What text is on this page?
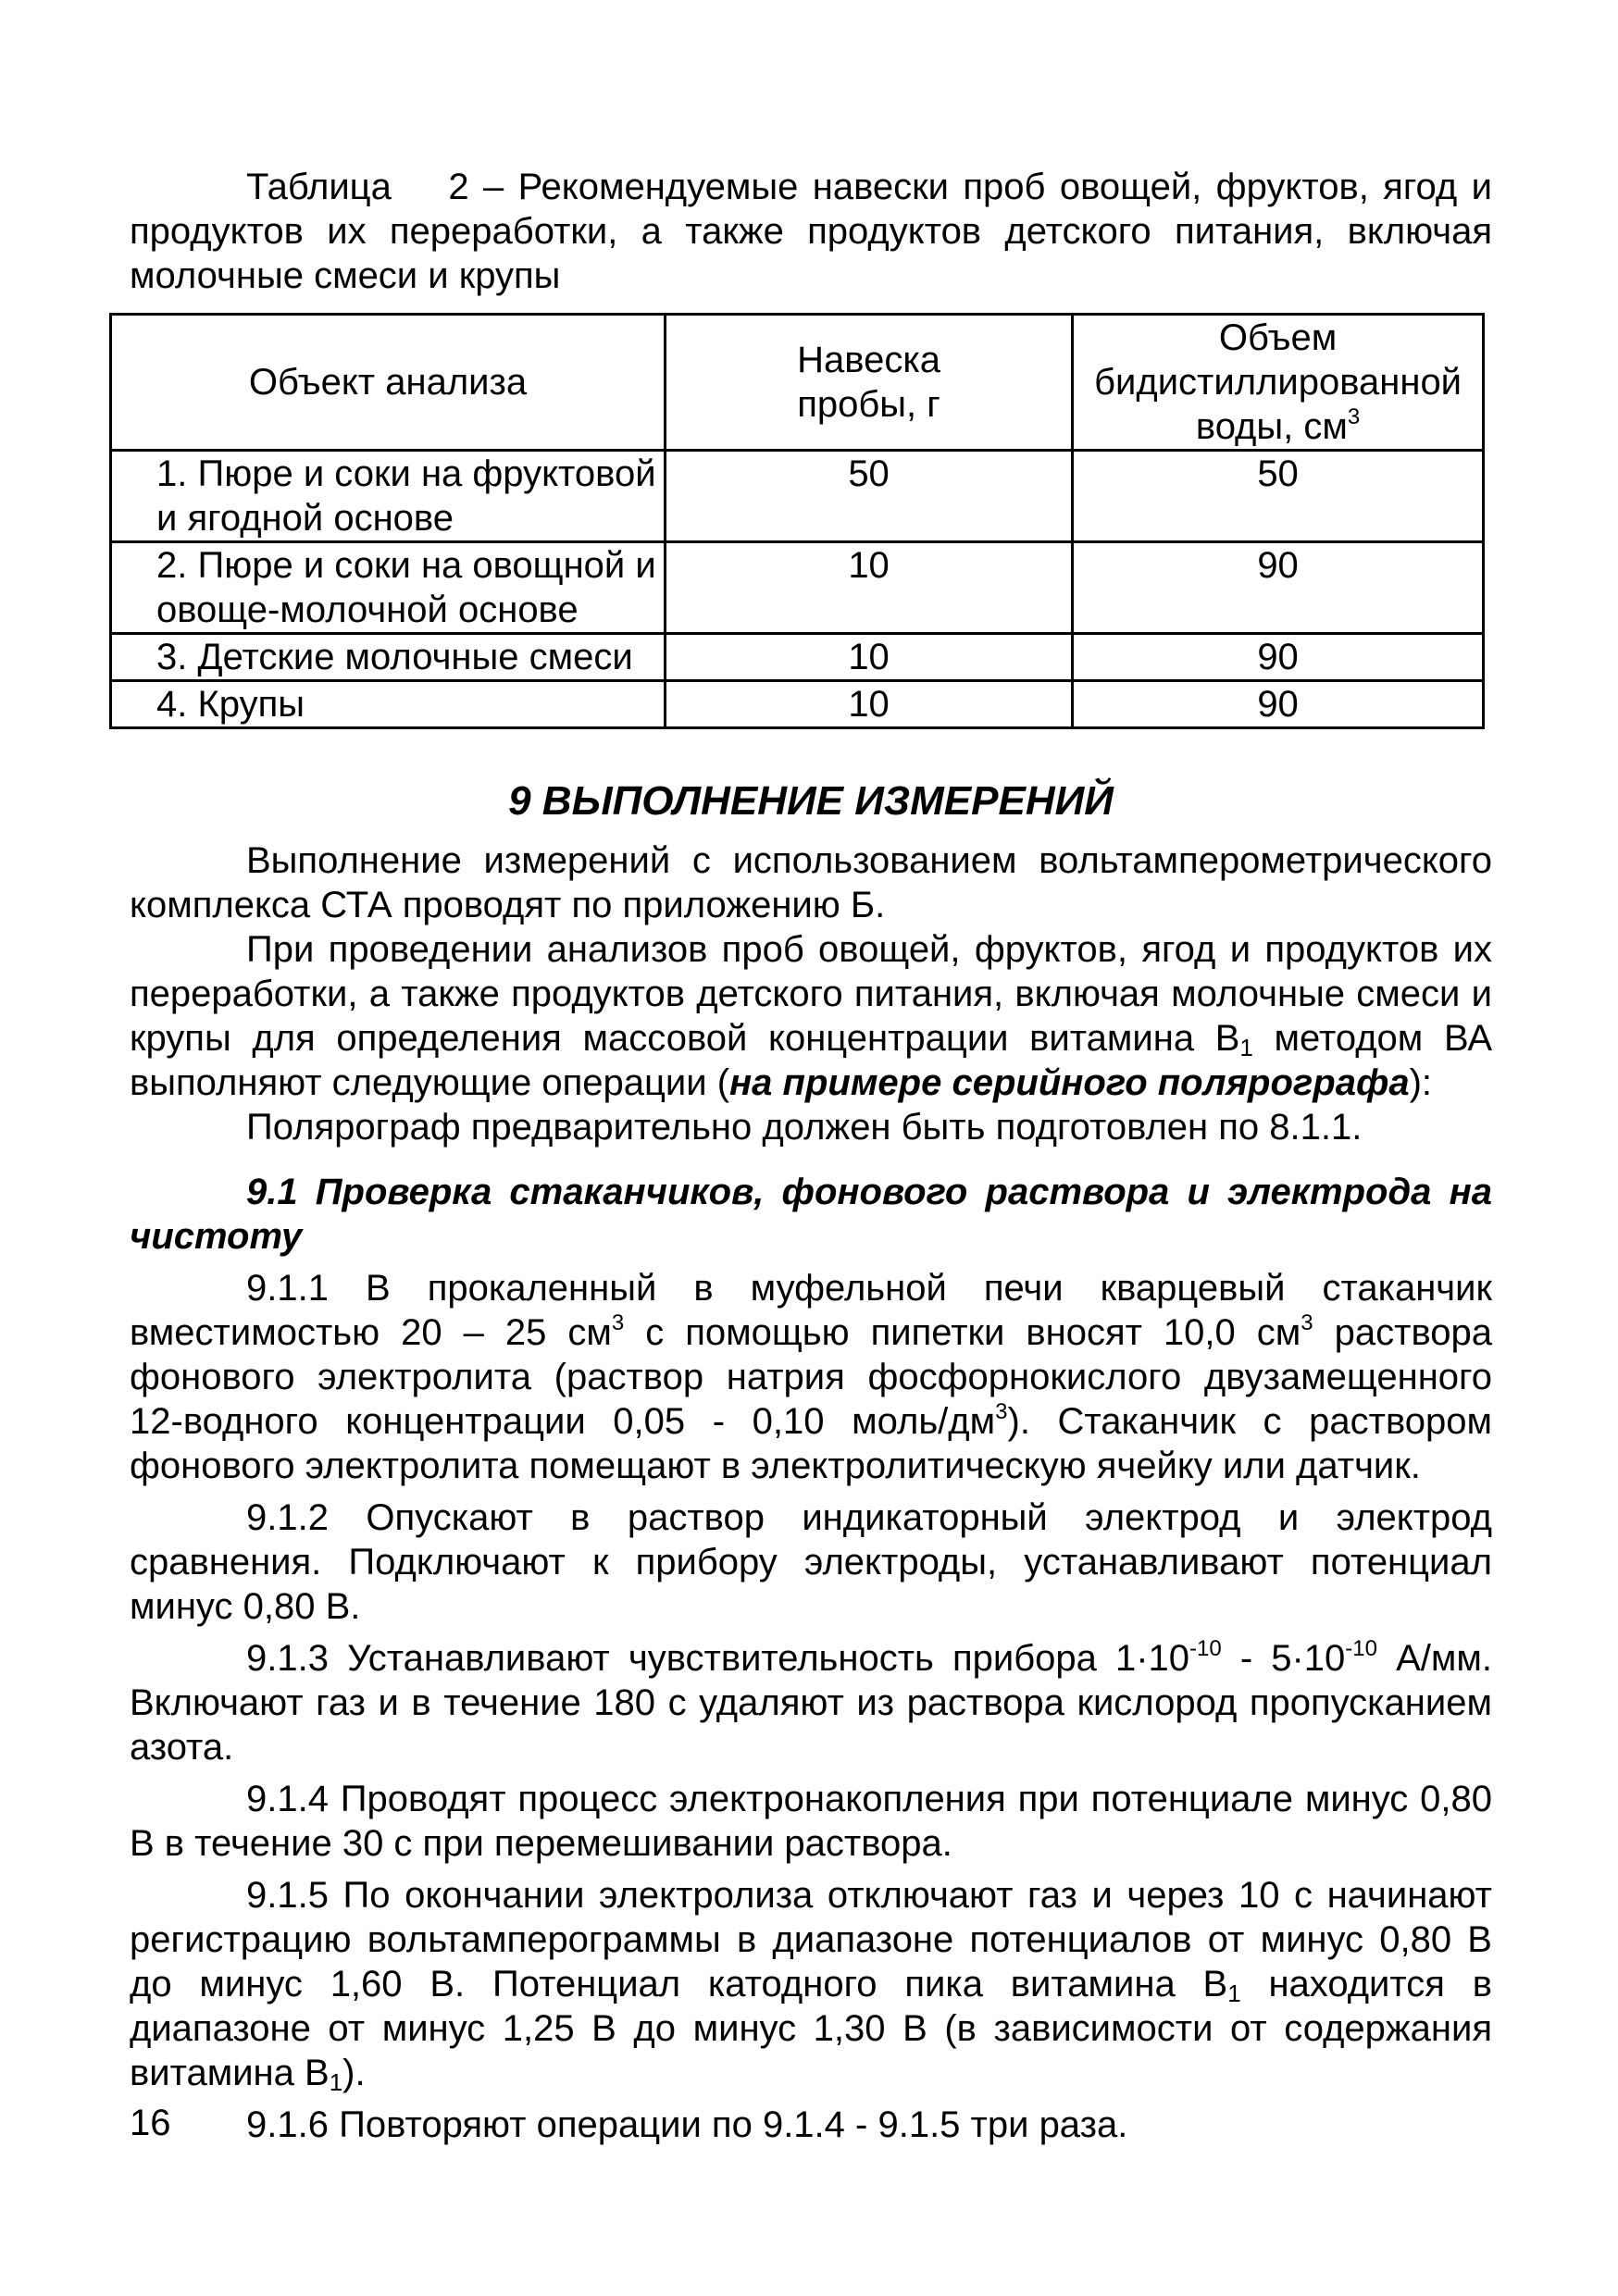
Таблица 2 – Рекомендуемые навески проб овощей, фруктов, ягод и продуктов их переработки, а также продуктов детского питания, включая молочные смеси и крупы

Объект анализа	Навеска пробы, г	Объем бидистиллированной воды, $см^3$
1. Пюре и соки на фруктовой и ягодной основе	50	50
2. Пюре и соки на овощной и овоще-молочной основе	10	90
3. Детские молочные смеси	10	90
4. Крупы	10	90
9 ВЫПОЛНЕНИЕ ИЗМЕРЕНИЙ

Выполнение измерений с использованием вольтамперометрического комплекса СТА проводят по приложению Б.

При проведении анализов проб овощей, фруктов, ягод и продуктов их переработки, а также продуктов детского питания, включая молочные смеси и крупы для определения массовой концентрации витамина $В_1$ методом ВА выполняют следующие операции (на примере серийного полярографа):

Полярограф предварительно должен быть подготовлен по 8.1.1.

9.1 Проверка стаканчиков, фонового раствора и электрода на чистоту

9.1.1 В прокаленный в муфельной печи кварцевый стаканчик вместимостью 20 – 25 $см^3$ с помощью пипетки вносят 10,0 $см^3$ раствора фонового электролита (раствор натрия фосфорнокислого двузамещенного 12-водного концентрации 0,05 - 0,10 моль/$дм^3$). Стаканчик с раствором фонового электролита помещают в электролитическую ячейку или датчик.

9.1.2 Опускают в раствор индикаторный электрод и электрод сравнения. Подключают к прибору электроды, устанавливают потенциал минус 0,80 В.

9.1.3 Устанавливают чувствительность прибора $1\cdot 10^{-10} - 5\cdot 10^{-10}$ А/мм. Включают газ и в течение 180 с удаляют из раствора кислород пропусканием азота.

9.1.4 Проводят процесс электронакопления при потенциале минус 0,80 В в течение 30 с при перемешивании раствора.

9.1.5 По окончании электролиза отключают газ и через 10 с начинают регистрацию вольтамперограммы в диапазоне потенциалов от минус 0,80 В до минус 1,60 В. Потенциал катодного пика витамина $В_1$ находится в диапазоне от минус 1,25 В до минус 1,30 В (в зависимости от содержания витамина $В_1$).

9.1.6 Повторяют операции по 9.1.4 - 9.1.5 три раза.

16
